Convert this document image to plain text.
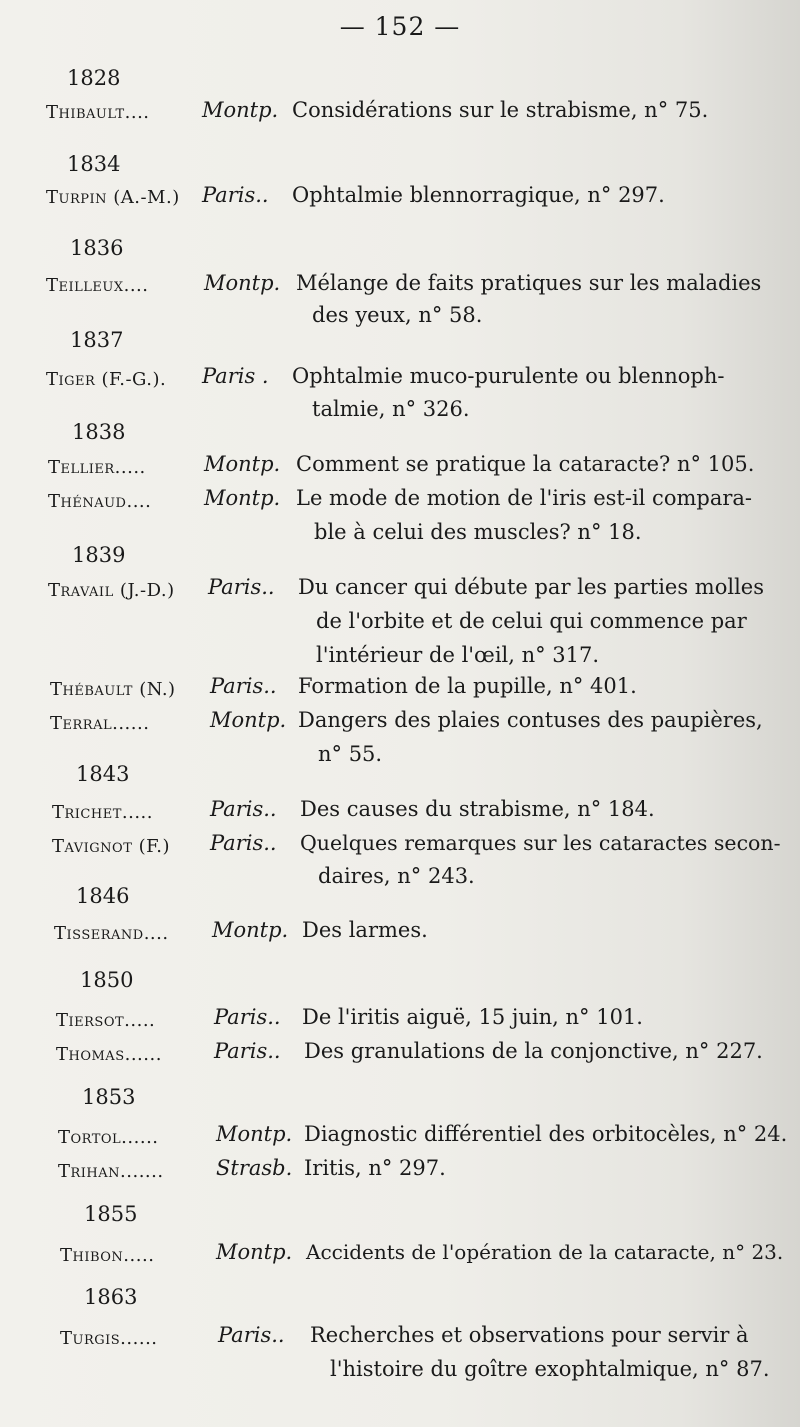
— 152 —
1828
1834
1836
1837
1838
1839
1843
1846
1850
1853
1855
1863
Thibault.... Montp. Considérations sur le strabisme, n° 75.
Turpin (A.-M.) Paris.. Ophtalmie blennorragique, n° 297.
Teilleux....	Montp. Mélange de faits pratiques sur les maladies
des yeux, n° 58.
Tiger (F.-G.). Paris . Ophtalmie muco-purulente ou blennoph-
talmie, n° 326.
Tellier.....	Montp. Comment se pratique la cataracte? n° 105.
Thénaud....	Montp. Le mode de motion de l'iris est-il compara-
ble à celui des muscles? n° 18.
Travail (J.-D.) Paris.. Du cancer qui débute par les parties molles
de l'orbite et de celui qui commence par
l'intérieur de l'œil, n° 317.
Thébault (N.) Paris.. Formation de la pupille, n° 401.
Terral......	Montp. Dangers des plaies contuses des paupières,
n° 55.
Trichet.....	Paris.. Des causes du strabisme, n° 184.
Tavignot (F.) Paris.. Quelques remarques sur les cataractes secon-
daires, n° 243.
Tisserand.... Montp. Des larmes.
Tiersot.....	Paris.. De l'iritis aiguë, 15 juin, n° 101.
Thomas...... Paris.. Des granulations de la conjonctive, n° 227.
Tortol......	Montp. Diagnostic différentiel des orbitocèles, n° 24.
Trihan....... Strasb. Iritis, n° 297.
Thibon.....	Montp. Accidents de l'opération de la cataracte, n° 23.
Turgis......	Paris.. Recherches et observations pour servir à
l'histoire du goître exophtalmique, n° 87.
